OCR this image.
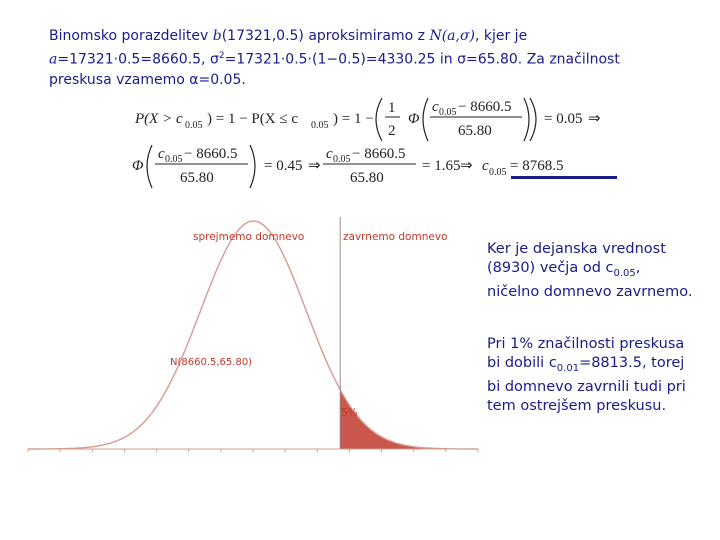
Binomsko porazdelitev b(17321,0.5) aproksimiramo z N(a,σ), kjer je
a=17321·0.5=8660.5, $\sigma^2=17321\cdot 0.5\cdot(1-0.5)=4330.25$ in σ=65.80. Za značilnost
preskusa vzamemo α=0.05.
P(X > c 0.05 ) = 1 − P(X ≤ c 0.05 ) = 1 −
1
2
Φ
c 0.05 − 8660.5
65.80
= 0.05 ⇒
Φ
c 0.05 − 8660.5
65.80
= 0.45 ⇒
c 0.05 − 8660.5
65.80
= 1.65 ⇒ c 0.05 = 8768.5
sprejmemo domnevo	zavrnemo domnevo
N(8660.5,65.80)
5%
Ker je dejanska vrednost
(8930) večja od $c_{0.05}$,
ničelno domnevo zavrnemo.
Pri 1% značilnosti preskusa
bi dobili $c_{0.01}=8813.5$, torej
bi domnevo zavrnili tudi pri
tem ostrejšem preskusu.
